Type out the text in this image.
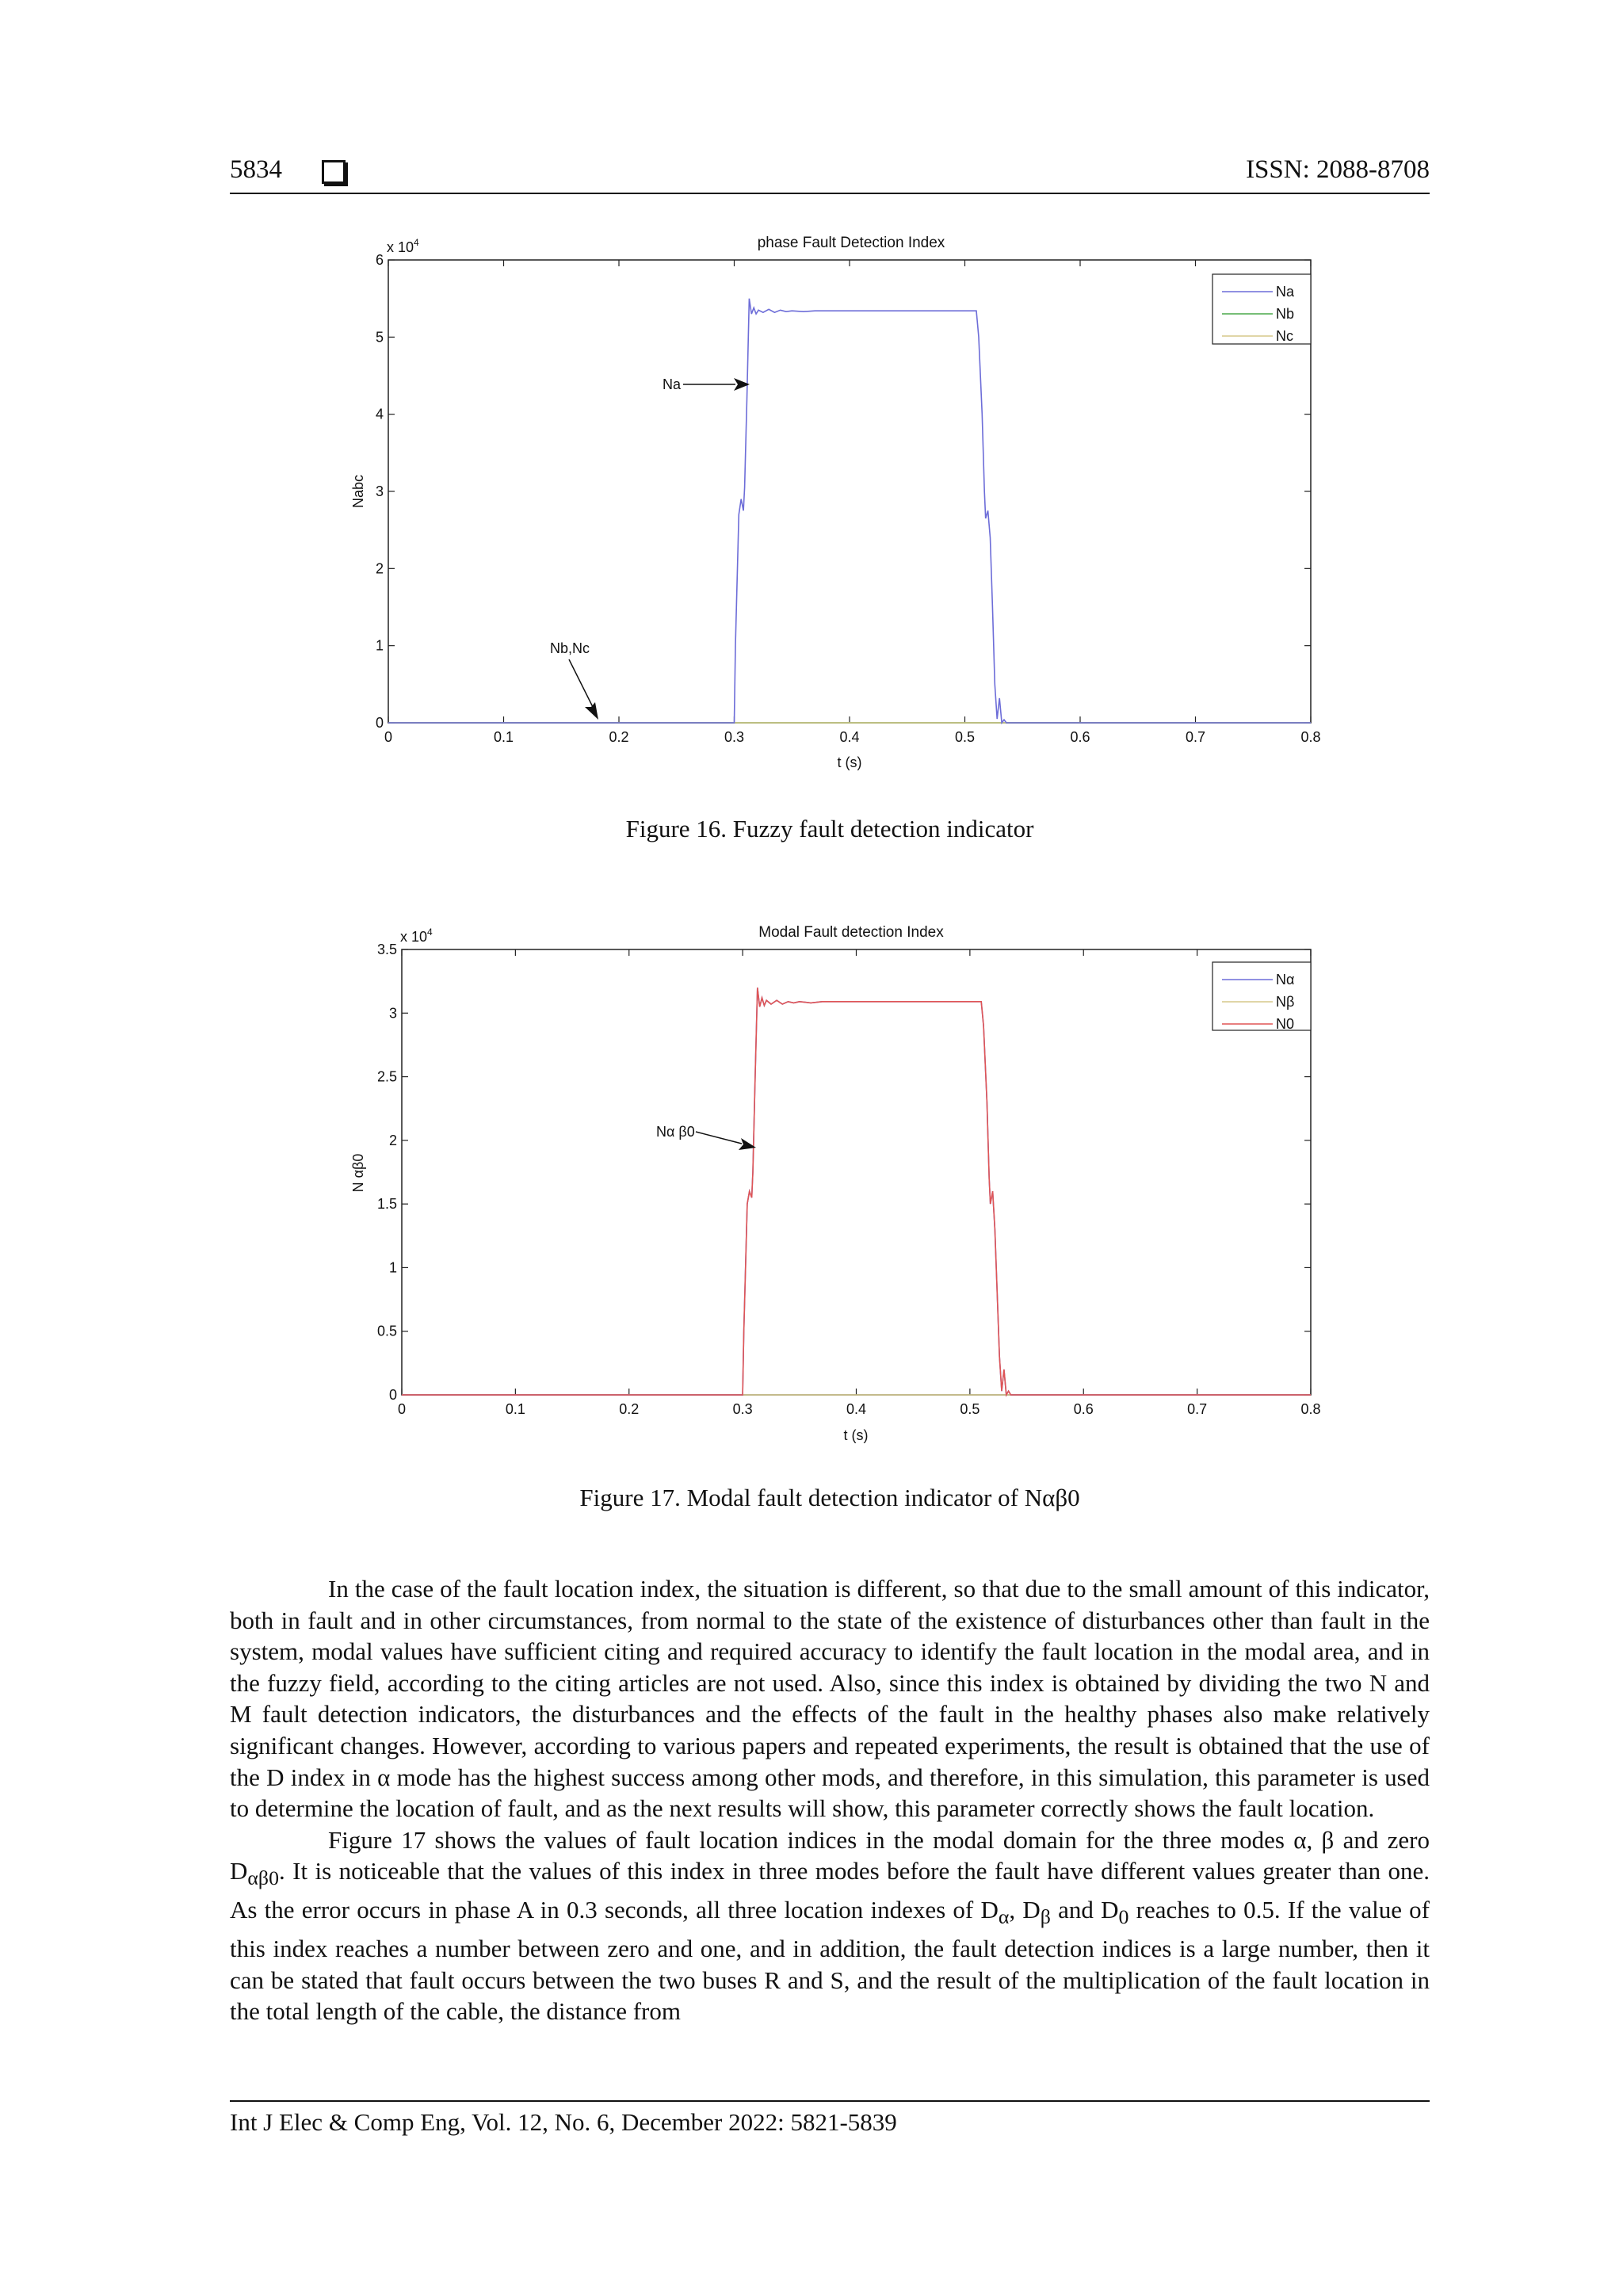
5834	ISSN: 2088-8708
phase Fault Detection Index
x $10^4$
0	0.1	0.2	0.3	0.4	0.5	0.6	0.7	0.8
0
1
2
3
4
5
6
Na
Nb
Nc
Na
Nb,Nc
t (s)
Nabc
Figure 16. Fuzzy fault detection indicator
Modal Fault detection Index
x $10^4$
0	0.1	0.2	0.3	0.4	0.5	0.6	0.7	0.8
0
0.5
1
1.5
2
2.5
3
3.5
Nα
Nβ
N0
Nα β0
t (s)
N αβ0
Figure 17. Modal fault detection indicator of Nαβ0

In the case of the fault location index, the situation is different, so that due to the small amount of this indicator, both in fault and in other circumstances, from normal to the state of the existence of disturbances other than fault in the system, modal values have sufficient citing and required accuracy to identify the fault location in the modal area, and in the fuzzy field, according to the citing articles are not used. Also, since this index is obtained by dividing the two N and M fault detection indicators, the disturbances and the effects of the fault in the healthy phases also make relatively significant changes. However, according to various papers and repeated experiments, the result is obtained that the use of the D index in α mode has the highest success among other mods, and therefore, in this simulation, this parameter is used to determine the location of fault, and as the next results will show, this parameter correctly shows the fault location.

Figure 17 shows the values of fault location indices in the modal domain for the three modes α, β and zero $D_{\alpha\beta 0}$. It is noticeable that the values of this index in three modes before the fault have different values greater than one. As the error occurs in phase A in 0.3 seconds, all three location indexes of $D_\alpha$, $D_\beta$ and $D_0$ reaches to 0.5. If the value of this index reaches a number between zero and one, and in addition, the fault detection indices is a large number, then it can be stated that fault occurs between the two buses R and S, and the result of the multiplication of the fault location in the total length of the cable, the distance from

Int J Elec & Comp Eng, Vol. 12, No. 6, December 2022: 5821-5839
